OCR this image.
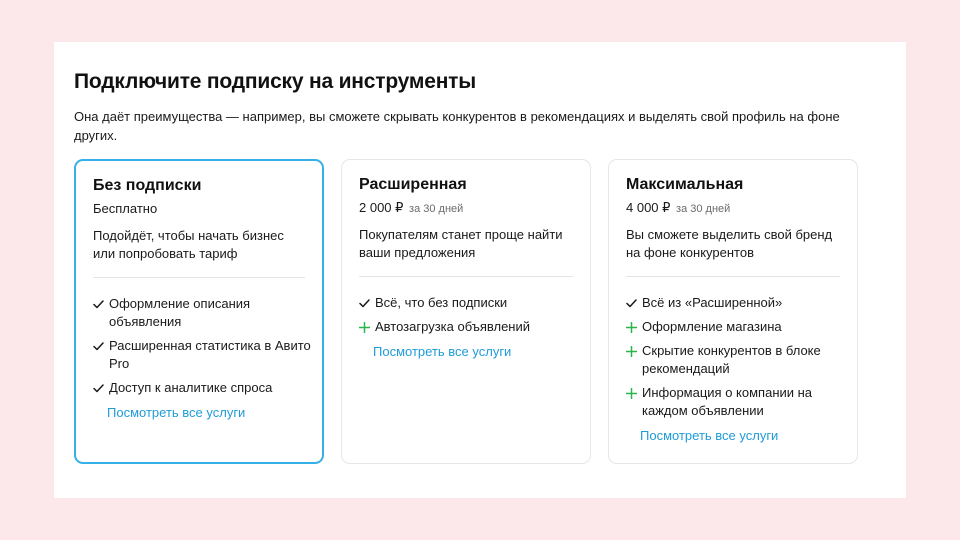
Подключите подписку на инструменты
Она даёт преимущества — например, вы сможете скрывать конкурентов в рекомендациях и выделять свой профиль на фоне других.
Без подписки
Бесплатно
Подойдёт, чтобы начать бизнес или попробовать тариф
Оформление описания объявления
Расширенная статистика в Авито Pro
Доступ к аналитике спроса
Посмотреть все услуги
Расширенная
2 000 ₽ за 30 дней
Покупателям станет проще найти ваши предложения
Всё, что без подписки
Автозагрузка объявлений
Посмотреть все услуги
Максимальная
4 000 ₽ за 30 дней
Вы сможете выделить свой бренд на фоне конкурентов
Всё из «Расширенной»
Оформление магазина
Скрытие конкурентов в блоке рекомендаций
Информация о компании на каждом объявлении
Посмотреть все услуги
